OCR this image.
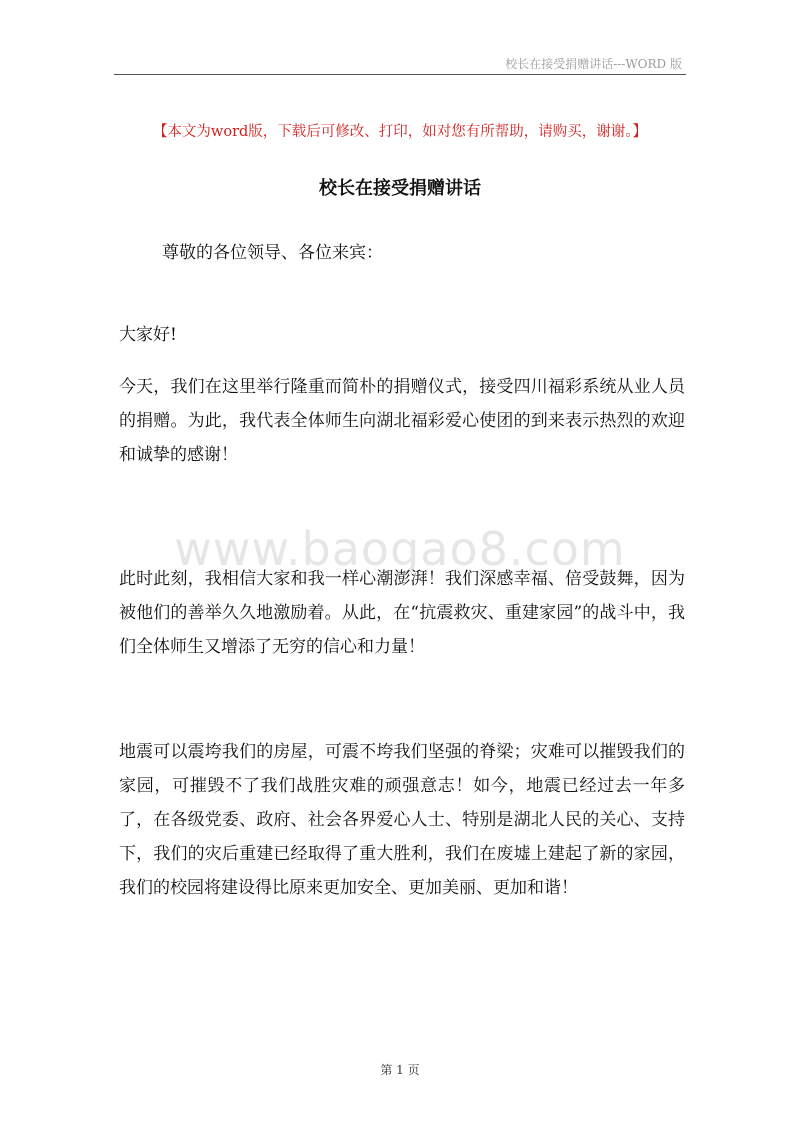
校长在接受捐赠讲话---WORD 版
【本文为word版，下载后可修改、打印，如对您有所帮助，请购买，谢谢。】
校长在接受捐赠讲话
尊敬的各位领导、各位来宾：
大家好!
今天，我们在这里举行隆重而简朴的捐赠仪式，接受四川福彩系统从业人员的捐赠。为此，我代表全体师生向湖北福彩爱心使团的到来表示热烈的欢迎和诚挚的感谢！
www.baogao8.com
此时此刻，我相信大家和我一样心潮澎湃！我们深感幸福、倍受鼓舞，因为被他们的善举久久地激励着。从此，在“抗震救灾、重建家园”的战斗中，我们全体师生又增添了无穷的信心和力量！
地震可以震垮我们的房屋，可震不垮我们坚强的脊梁；灾难可以摧毁我们的家园，可摧毁不了我们战胜灾难的顽强意志！如今，地震已经过去一年多了，在各级党委、政府、社会各界爱心人士、特别是湖北人民的关心、支持下，我们的灾后重建已经取得了重大胜利，我们在废墟上建起了新的家园，我们的校园将建设得比原来更加安全、更加美丽、更加和谐！
第 1 页
